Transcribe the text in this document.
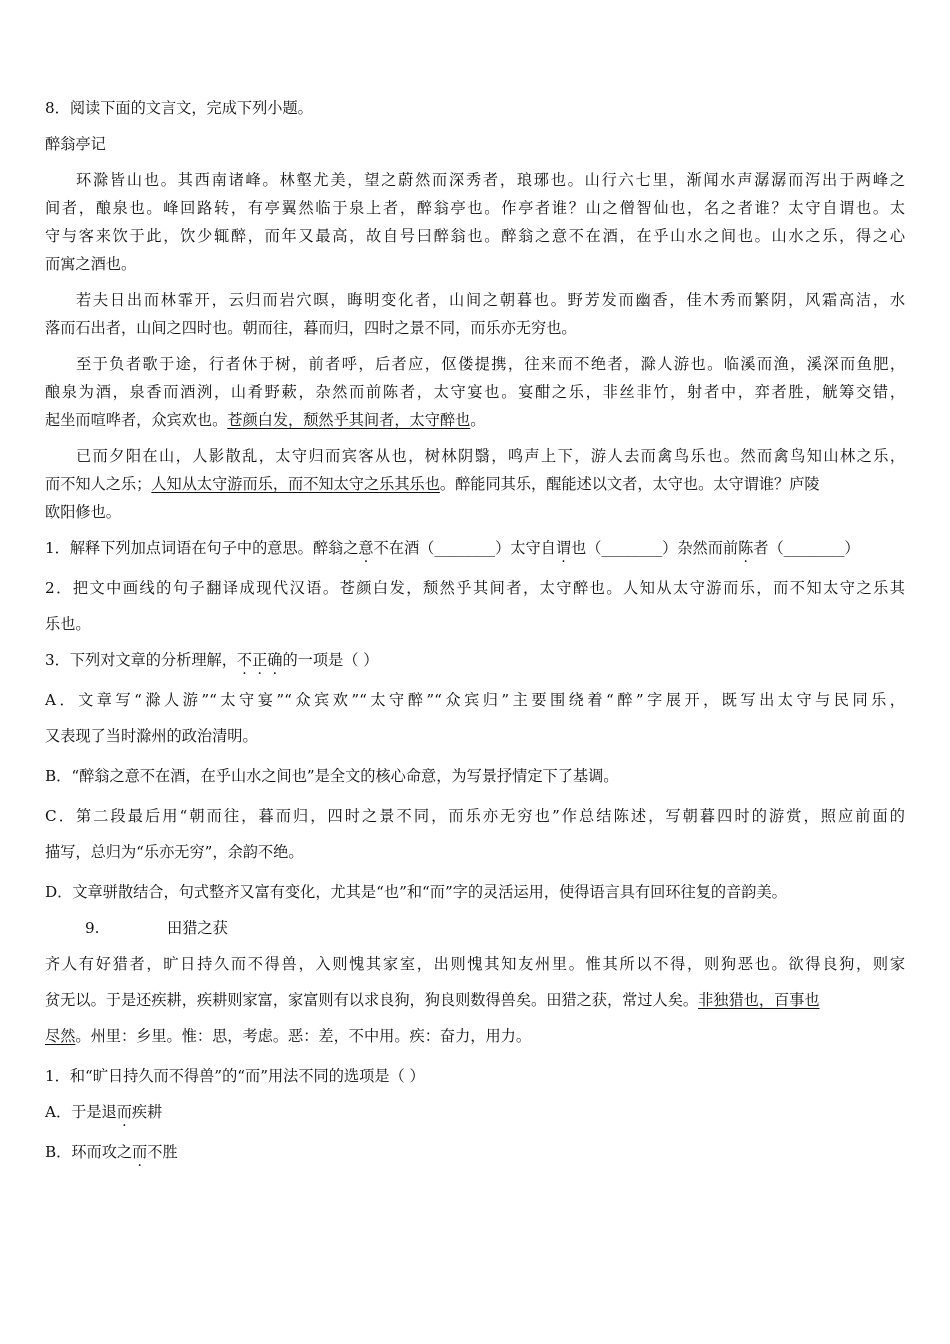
8．阅读下面的文言文，完成下列小题。
醉翁亭记
环滁皆山也。其西南诸峰。林壑尤美，望之蔚然而深秀者，琅琊也。山行六七里，渐闻水声潺潺而泻出于两峰之
间者，酿泉也。峰回路转，有亭翼然临于泉上者，醉翁亭也。作亭者谁？山之僧智仙也，名之者谁？太守自谓也。太
守与客来饮于此，饮少辄醉，而年又最高，故自号曰醉翁也。醉翁之意不在酒，在乎山水之间也。山水之乐，得之心
而寓之酒也。
若夫日出而林霏开，云归而岩穴暝，晦明变化者，山间之朝暮也。野芳发而幽香，佳木秀而繁阴，风霜高洁，水
落而石出者，山间之四时也。朝而往，暮而归，四时之景不同，而乐亦无穷也。
至于负者歌于途，行者休于树，前者呼，后者应，伛偻提携，往来而不绝者，滁人游也。临溪而渔，溪深而鱼肥，
酿泉为酒，泉香而酒洌，山肴野蔌，杂然而前陈者，太守宴也。宴酣之乐，非丝非竹，射者中，弈者胜，觥筹交错，
起坐而喧哗者，众宾欢也。苍颜白发，颓然乎其间者，太守醉也。
已而夕阳在山，人影散乱，太守归而宾客从也，树林阴翳，鸣声上下，游人去而禽鸟乐也。然而禽鸟知山林之乐，
而不知人之乐；人知从太守游而乐，而不知太守之乐其乐也。醉能同其乐，醒能述以文者，太守也。太守谓谁？庐陵
欧阳修也。
1．解释下列加点词语在句子中的意思。醉翁之意不在酒（________）太守自谓也（________）杂然而前陈者（________）
2．把文中画线的句子翻译成现代汉语。苍颜白发，颓然乎其间者，太守醉也。人知从太守游而乐，而不知太守之乐其
乐也。
3．下列对文章的分析理解，不正确的一项是（ ）
A．文章写“滁人游”“太守宴”“众宾欢”“太守醉”“众宾归”主要围绕着“醉”字展开，既写出太守与民同乐，
又表现了当时滁州的政治清明。
B．“醉翁之意不在酒，在乎山水之间也”是全文的核心命意，为写景抒情定下了基调。
C．第二段最后用“朝而往，暮而归，四时之景不同，而乐亦无穷也”作总结陈述，写朝暮四时的游赏，照应前面的
描写，总归为“乐亦无穷”，余韵不绝。
D．文章骈散结合，句式整齐又富有变化，尤其是“也”和“而”字的灵活运用，使得语言具有回环往复的音韵美。
9.	田猎之获
齐人有好猎者，旷日持久而不得兽，入则愧其家室，出则愧其知友州里。惟其所以不得，则狗恶也。欲得良狗，则家
贫无以。于是还疾耕，疾耕则家富，家富则有以求良狗，狗良则数得兽矣。田猎之获，常过人矣。非独猎也，百事也
尽然。州里：乡里。惟：思，考虑。恶：差，不中用。疾：奋力，用力。
1．和“旷日持久而不得兽”的“而”用法不同的选项是（ ）
A．于是退而疾耕
B．环而攻之而不胜
